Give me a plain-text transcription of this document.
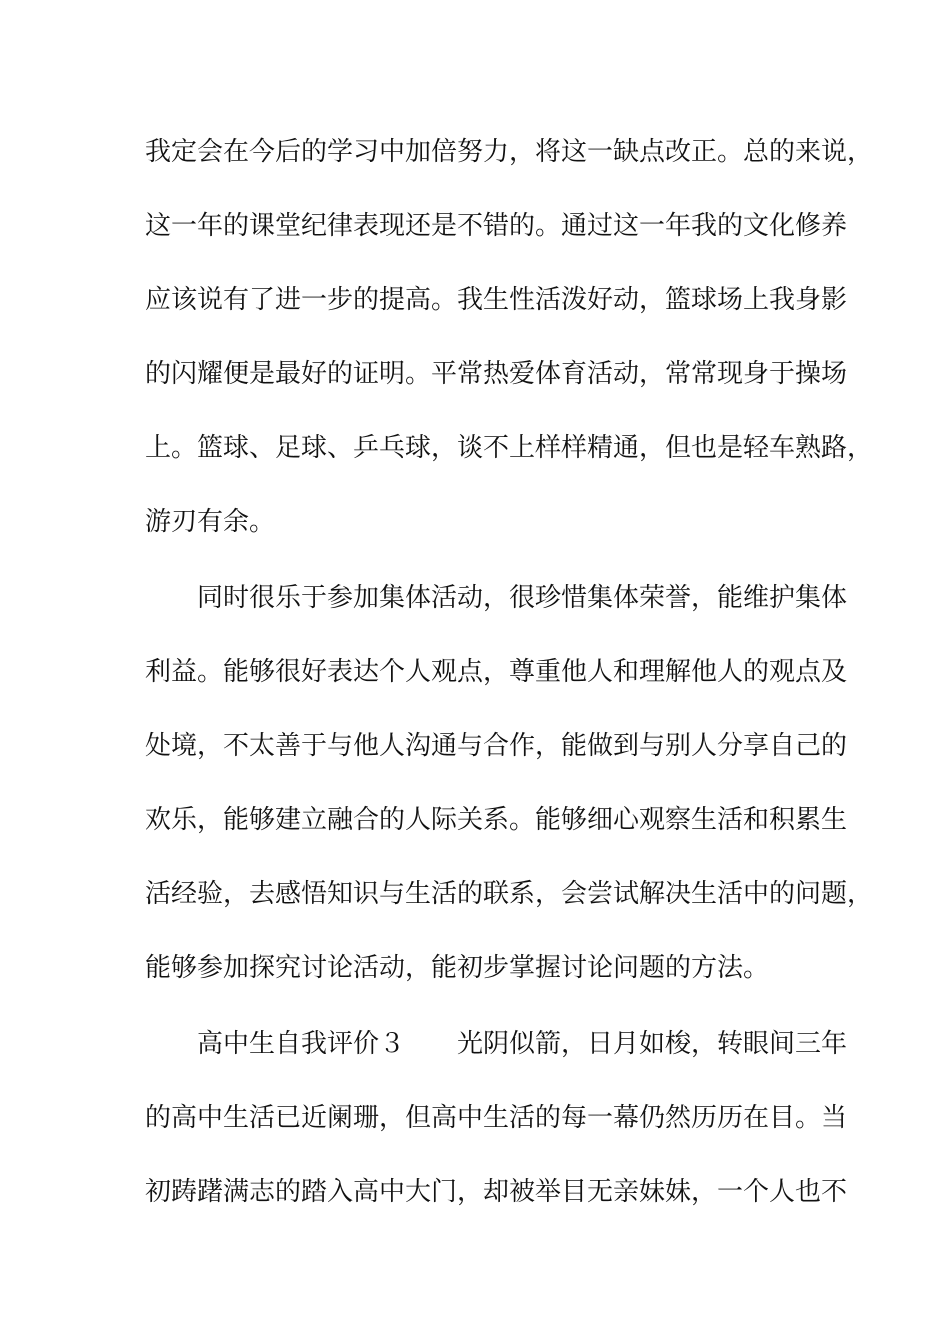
我定会在今后的学习中加倍努力，将这一缺点改正。总的来说，

这一年的课堂纪律表现还是不错的。通过这一年我的文化修养

应该说有了进一步的提高。我生性活泼好动，篮球场上我身影

的闪耀便是最好的证明。平常热爱体育活动，常常现身于操场

上。篮球、足球、乒乓球，谈不上样样精通，但也是轻车熟路，

游刃有余。

　　同时很乐于参加集体活动，很珍惜集体荣誉，能维护集体

利益。能够很好表达个人观点，尊重他人和理解他人的观点及

处境，不太善于与他人沟通与合作，能做到与别人分享自己的

欢乐，能够建立融合的人际关系。能够细心观察生活和积累生

活经验，去感悟知识与生活的联系，会尝试解决生活中的问题，

能够参加探究讨论活动，能初步掌握讨论问题的方法。

　　高中生自我评价３　　光阴似箭，日月如梭，转眼间三年

的高中生活已近阑珊，但高中生活的每一幕仍然历历在目。当

初踌躇满志的踏入高中大门，却被举目无亲妹妹，一个人也不
